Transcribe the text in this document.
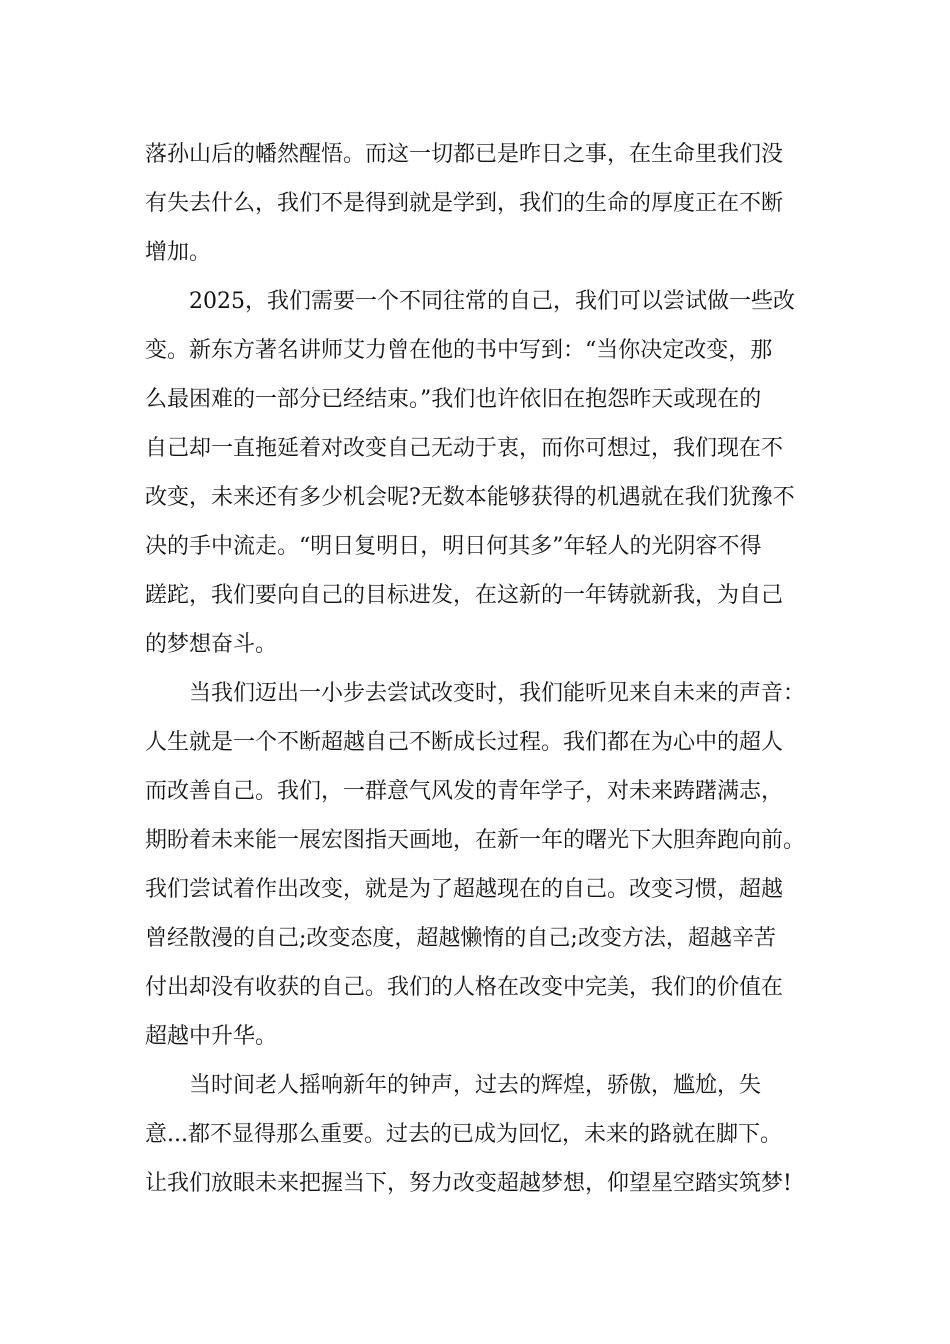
落孙山后的幡然醒悟。而这一切都已是昨日之事，在生命里我们没
有失去什么，我们不是得到就是学到，我们的生命的厚度正在不断
增加。
　　2025，我们需要一个不同往常的自己，我们可以尝试做一些改
变。新东方著名讲师艾力曾在他的书中写到：“当你决定改变，那
么最困难的一部分已经结束。”我们也许依旧在抱怨昨天或现在的
自己却一直拖延着对改变自己无动于衷，而你可想过，我们现在不
改变，未来还有多少机会呢?无数本能够获得的机遇就在我们犹豫不
决的手中流走。“明日复明日，明日何其多”年轻人的光阴容不得
蹉跎，我们要向自己的目标进发，在这新的一年铸就新我，为自己
的梦想奋斗。
　　当我们迈出一小步去尝试改变时，我们能听见来自未来的声音：
人生就是一个不断超越自己不断成长过程。我们都在为心中的超人
而改善自己。我们，一群意气风发的青年学子，对未来踌躇满志，
期盼着未来能一展宏图指天画地，在新一年的曙光下大胆奔跑向前。
我们尝试着作出改变，就是为了超越现在的自己。改变习惯，超越
曾经散漫的自己;改变态度，超越懒惰的自己;改变方法，超越辛苦
付出却没有收获的自己。我们的人格在改变中完美，我们的价值在
超越中升华。
　　当时间老人摇响新年的钟声，过去的辉煌，骄傲，尴尬，失
意...都不显得那么重要。过去的已成为回忆，未来的路就在脚下。
让我们放眼未来把握当下，努力改变超越梦想，仰望星空踏实筑梦!
